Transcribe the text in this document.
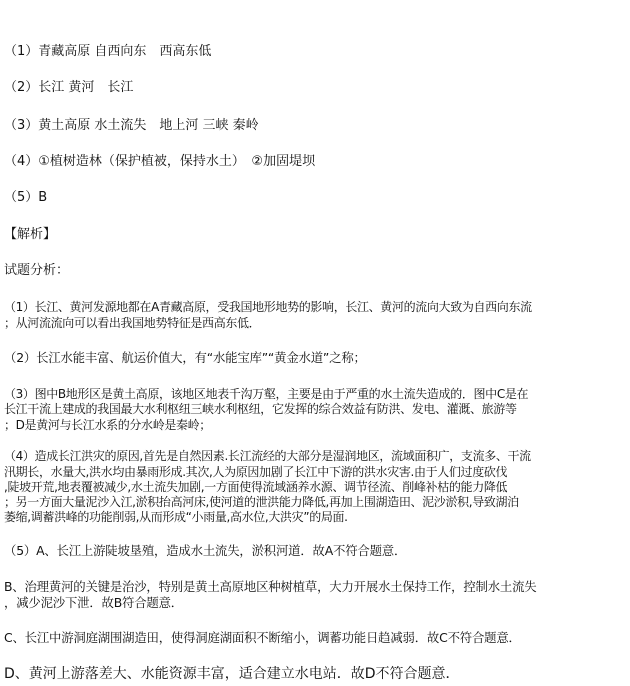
（1）青藏高原 自西向东　西高东低
（2）长江 黄河　长江
（3）黄土高原 水土流失　地上河 三峡 秦岭
（4）①植树造林（保护植被，保持水土）　②加固堤坝
（5）B
【解析】
试题分析：
（1）长江、黄河发源地都在A青藏高原，受我国地形地势的影响，长江、黄河的流向大致为自西向东流
；从河流流向可以看出我国地势特征是西高东低．
（2）长江水能丰富、航运价值大，有“水能宝库”“黄金水道”之称；
（3）图中B地形区是黄土高原，该地区地表千沟万壑，主要是由于严重的水土流失造成的．图中C是在
长江干流上建成的我国最大水利枢纽三峡水利枢纽，它发挥的综合效益有防洪、发电、灌溉、旅游等
；D是黄河与长江水系的分水岭是秦岭；
（4）造成长江洪灾的原因,首先是自然因素.长江流经的大部分是湿润地区，流域面积广，支流多、干流
汛期长，水量大,洪水均由暴雨形成.其次,人为原因加剧了长江中下游的洪水灾害.由于人们过度砍伐
,陡坡开荒,地表覆被减少,水土流失加剧,一方面使得流域涵养水源、调节径流、削峰补枯的能力降低
；另一方面大量泥沙入江,淤积抬高河床,使河道的泄洪能力降低,再加上围湖造田、泥沙淤积,导致湖泊
萎缩,调蓄洪峰的功能削弱,从而形成“小雨量,高水位,大洪灾”的局面.
（5）A、长江上游陡坡垦殖，造成水土流失，淤积河道．故A不符合题意．
B、治理黄河的关键是治沙，特别是黄土高原地区种树植草，大力开展水土保持工作，控制水土流失
，减少泥沙下泄．故B符合题意．
C、长江中游洞庭湖围湖造田，使得洞庭湖面积不断缩小，调蓄功能日趋减弱．故C不符合题意．
D、黄河上游落差大、水能资源丰富，适合建立水电站．故D不符合题意．
